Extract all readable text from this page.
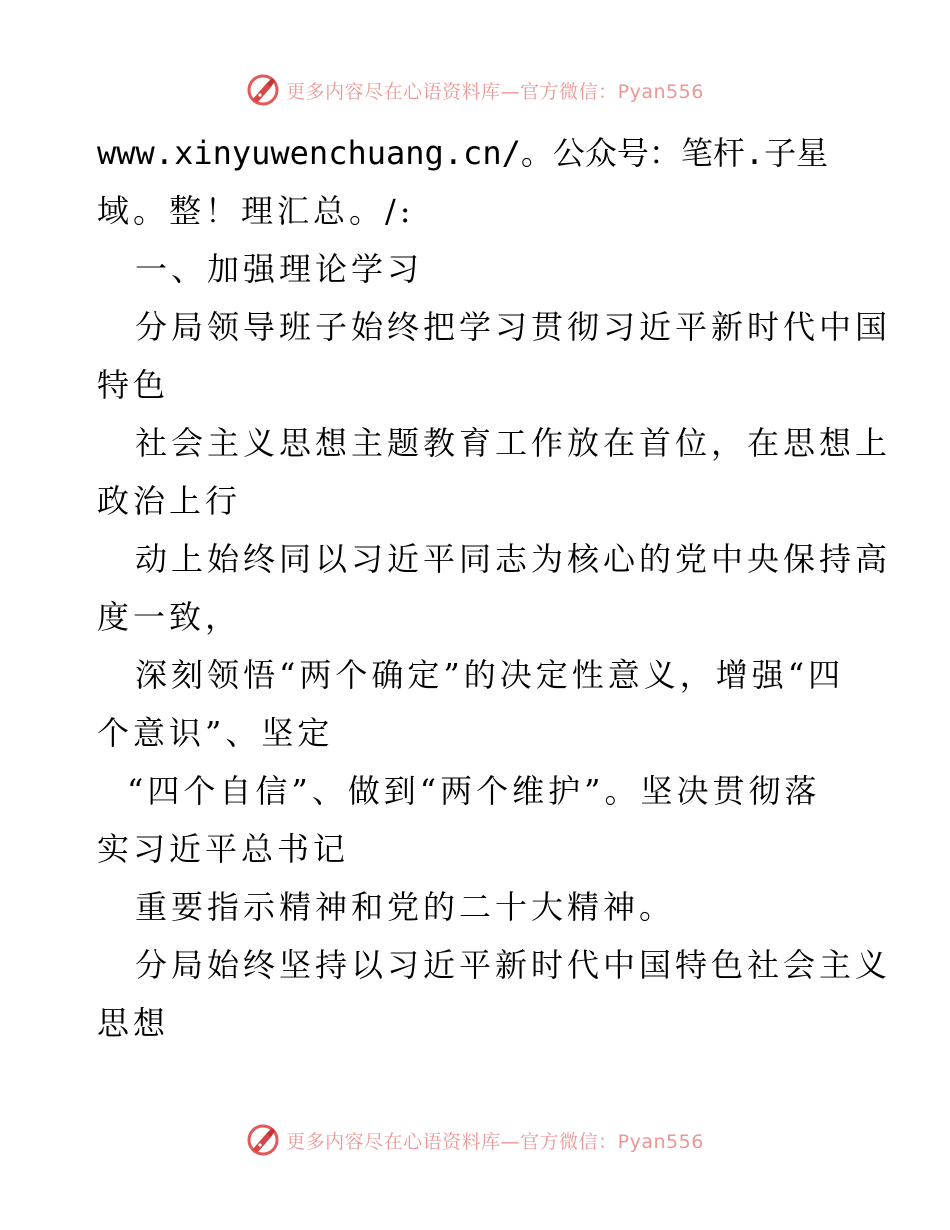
更多内容尽在心语资料库—官方微信：Pyan556
www.xinyuwenchuang.cn/。公众号：笔杆.子星
域。整！理汇总。/:
一、加强理论学习
分局领导班子始终把学习贯彻习近平新时代中国
特色
社会主义思想主题教育工作放在首位，在思想上
政治上行
动上始终同以习近平同志为核心的党中央保持高
度一致，
深刻领悟“两个确定”的决定性意义，增强“四
个意识”、坚定
“四个自信”、做到“两个维护”。坚决贯彻落
实习近平总书记
重要指示精神和党的二十大精神。
分局始终坚持以习近平新时代中国特色社会主义
思想
更多内容尽在心语资料库—官方微信：Pyan556
